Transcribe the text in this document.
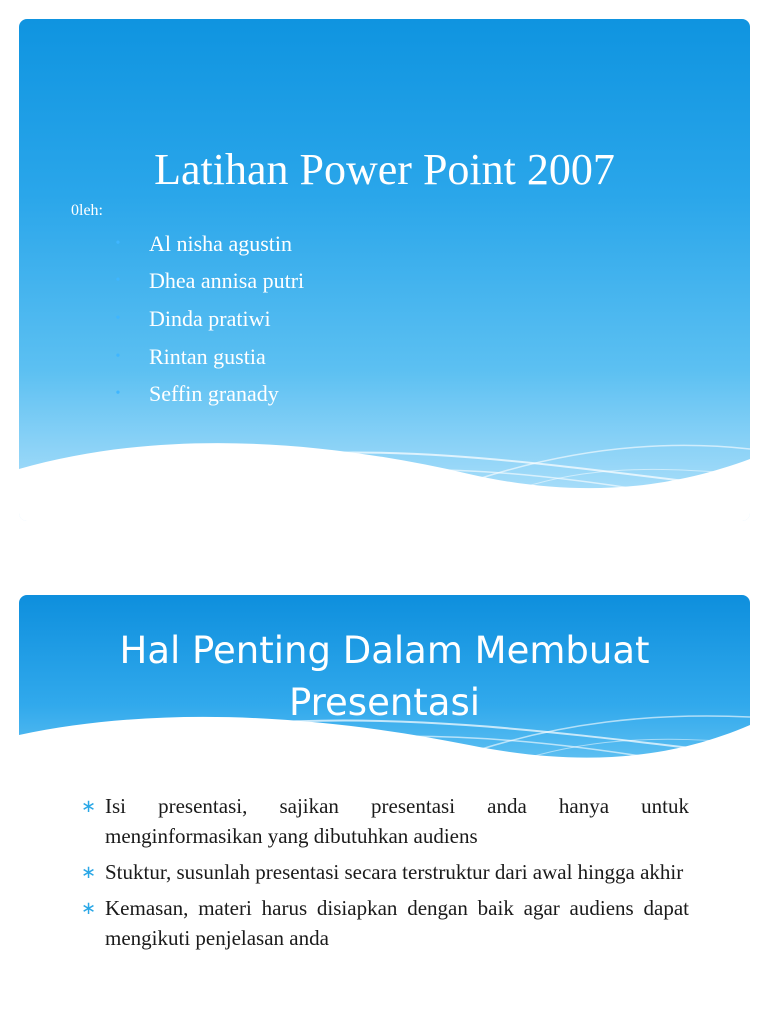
Latihan Power Point 2007
0leh:
• Al nisha agustin
• Dhea annisa putri
• Dinda pratiwi
• Rintan gustia
• Seffin granady
Hal Penting Dalam Membuat Presentasi
∗ Isi presentasi, sajikan presentasi anda hanya untuk menginformasikan yang dibutuhkan audiens
∗ Stuktur, susunlah presentasi secara terstruktur dari awal hingga akhir
∗ Kemasan, materi harus disiapkan dengan baik agar audiens dapat mengikuti penjelasan anda
